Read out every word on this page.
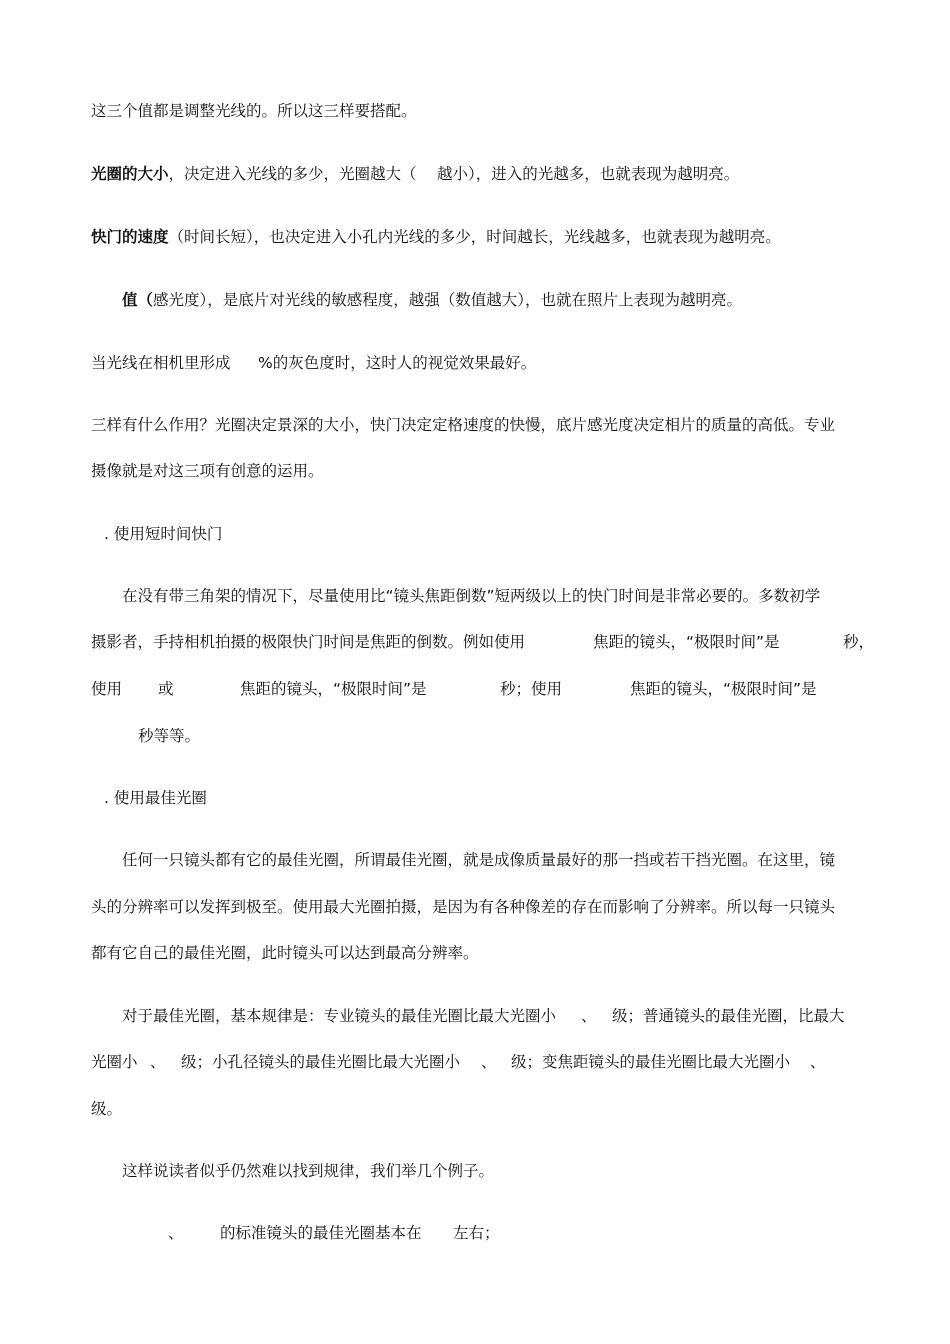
这三个值都是调整光线的。所以这三样要搭配。

光圈的大小，决定进入光线的多少，光圈越大（ 越小），进入的光越多，也就表现为越明亮。
快门的速度（时间长短），也决定进入小孔内光线的多少，时间越长，光线越多，也就表现为越明亮。
值（感光度），是底片对光线的敏感程度，越强（数值越大），也就在照片上表现为越明亮。
当光线在相机里形成 %的灰色度时，这时人的视觉效果最好。

三样有什么作用？光圈决定景深的大小，快门决定定格速度的快慢，底片感光度决定相片的质量的高低。专业

摄像就是对这三项有创意的运用。

. 使用短时间快门

在没有带三角架的情况下，尽量使用比“镜头焦距倒数”短两级以上的快门时间是非常必要的。多数初学

摄影者，手持相机拍摄的极限快门时间是焦距的倒数。例如使用	焦距的镜头，“极限时间”是	秒，
使用 或	焦距的镜头，“极限时间”是	秒；使用	焦距的镜头，“极限时间”是
秒等等。

. 使用最佳光圈

任何一只镜头都有它的最佳光圈，所谓最佳光圈，就是成像质量最好的那一挡或若干挡光圈。在这里，镜

头的分辨率可以发挥到极至。使用最大光圈拍摄，是因为有各种像差的存在而影响了分辨率。所以每一只镜头

都有它自己的最佳光圈，此时镜头可以达到最高分辨率。

对于最佳光圈，基本规律是：专业镜头的最佳光圈比最大光圈小 、 级；普通镜头的最佳光圈，比最大
光圈小 、 级；小孔径镜头的最佳光圈比最大光圈小 、 级；变焦距镜头的最佳光圈比最大光圈小 、

级。

这样说读者似乎仍然难以找到规律，我们举几个例子。

、 的标准镜头的最佳光圈基本在 左右；
